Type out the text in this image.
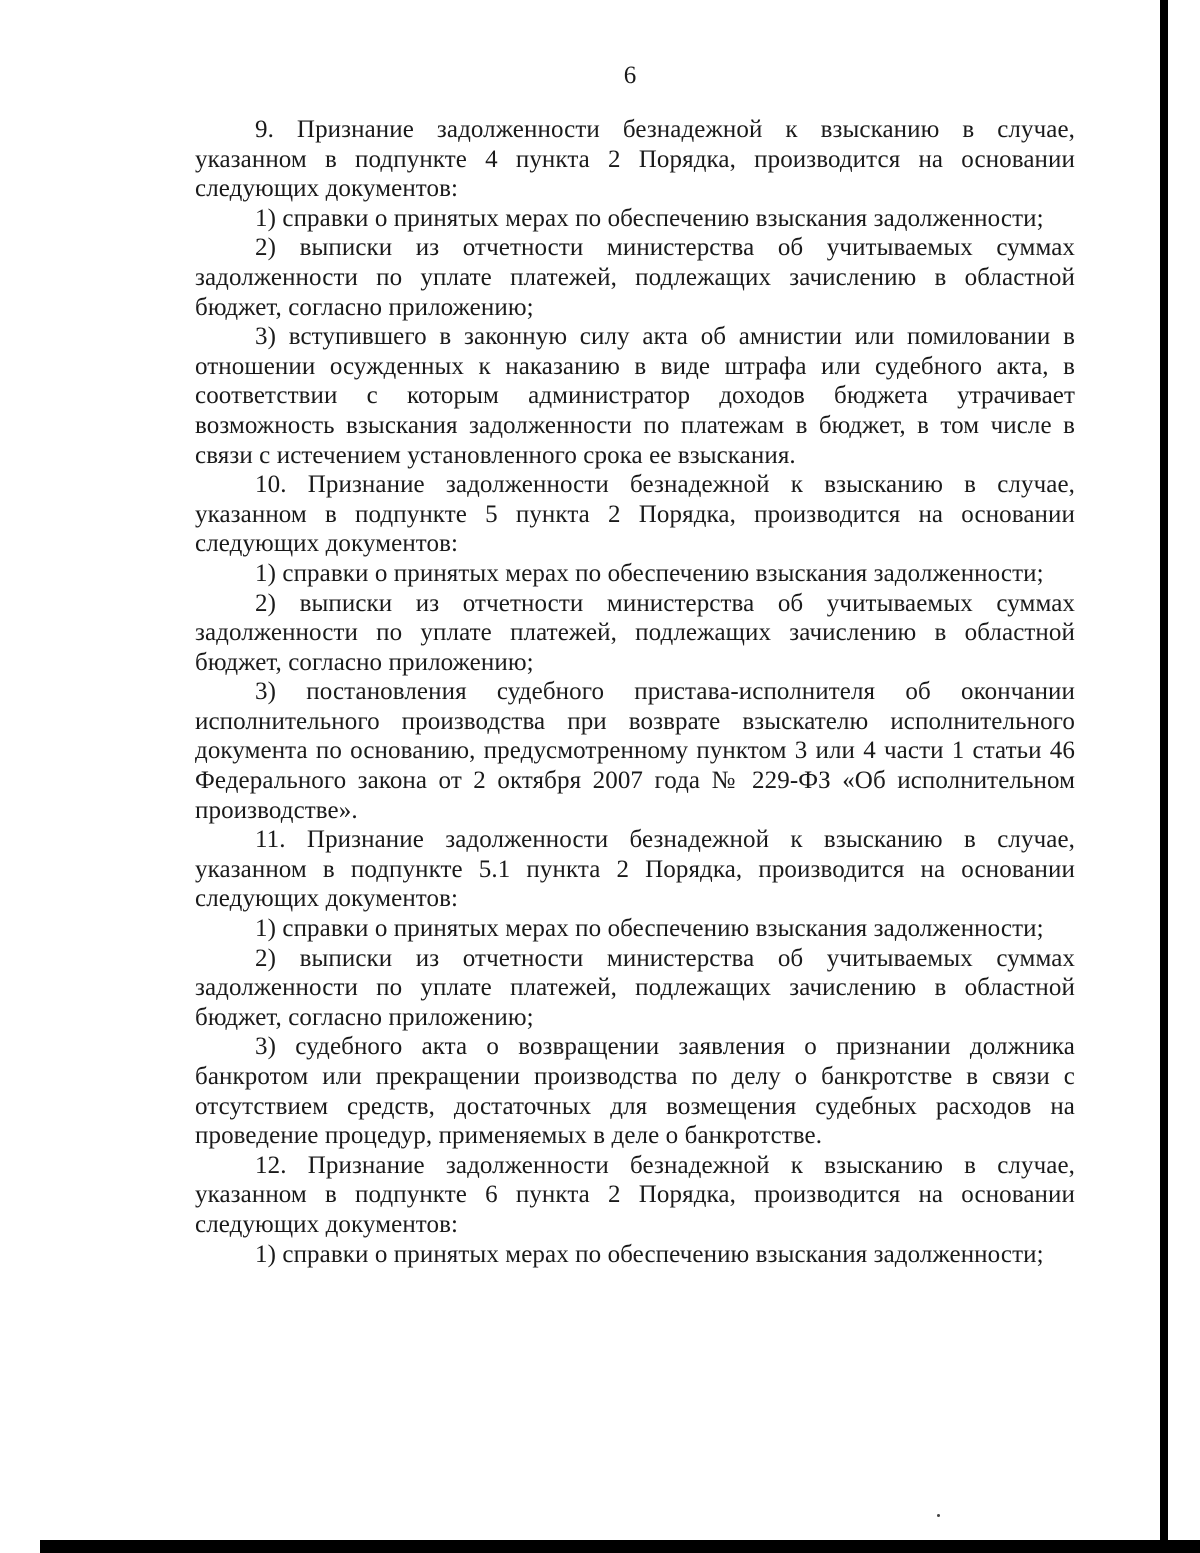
6

9. Признание задолженности безнадежной к взысканию в случае, указанном в подпункте 4 пункта 2 Порядка, производится на основании следующих документов:

1) справки о принятых мерах по обеспечению взыскания задолженности;

2) выписки из отчетности министерства об учитываемых суммах задолженности по уплате платежей, подлежащих зачислению в областной бюджет, согласно приложению;

3) вступившего в законную силу акта об амнистии или помиловании в отношении осужденных к наказанию в виде штрафа или судебного акта, в соответствии с которым администратор доходов бюджета утрачивает возможность взыскания задолженности по платежам в бюджет, в том числе в связи с истечением установленного срока ее взыскания.

10. Признание задолженности безнадежной к взысканию в случае, указанном в подпункте 5 пункта 2 Порядка, производится на основании следующих документов:

1) справки о принятых мерах по обеспечению взыскания задолженности;

2) выписки из отчетности министерства об учитываемых суммах задолженности по уплате платежей, подлежащих зачислению в областной бюджет, согласно приложению;

3) постановления судебного пристава-исполнителя об окончании исполнительного производства при возврате взыскателю исполнительного документа по основанию, предусмотренному пунктом 3 или 4 части 1 статьи 46 Федерального закона от 2 октября 2007 года № 229-ФЗ «Об исполнительном производстве».

11. Признание задолженности безнадежной к взысканию в случае, указанном в подпункте 5.1 пункта 2 Порядка, производится на основании следующих документов:

1) справки о принятых мерах по обеспечению взыскания задолженности;

2) выписки из отчетности министерства об учитываемых суммах задолженности по уплате платежей, подлежащих зачислению в областной бюджет, согласно приложению;

3) судебного акта о возвращении заявления о признании должника банкротом или прекращении производства по делу о банкротстве в связи с отсутствием средств, достаточных для возмещения судебных расходов на проведение процедур, применяемых в деле о банкротстве.

12. Признание задолженности безнадежной к взысканию в случае, указанном в подпункте 6 пункта 2 Порядка, производится на основании следующих документов:

1) справки о принятых мерах по обеспечению взыскания задолженности;
